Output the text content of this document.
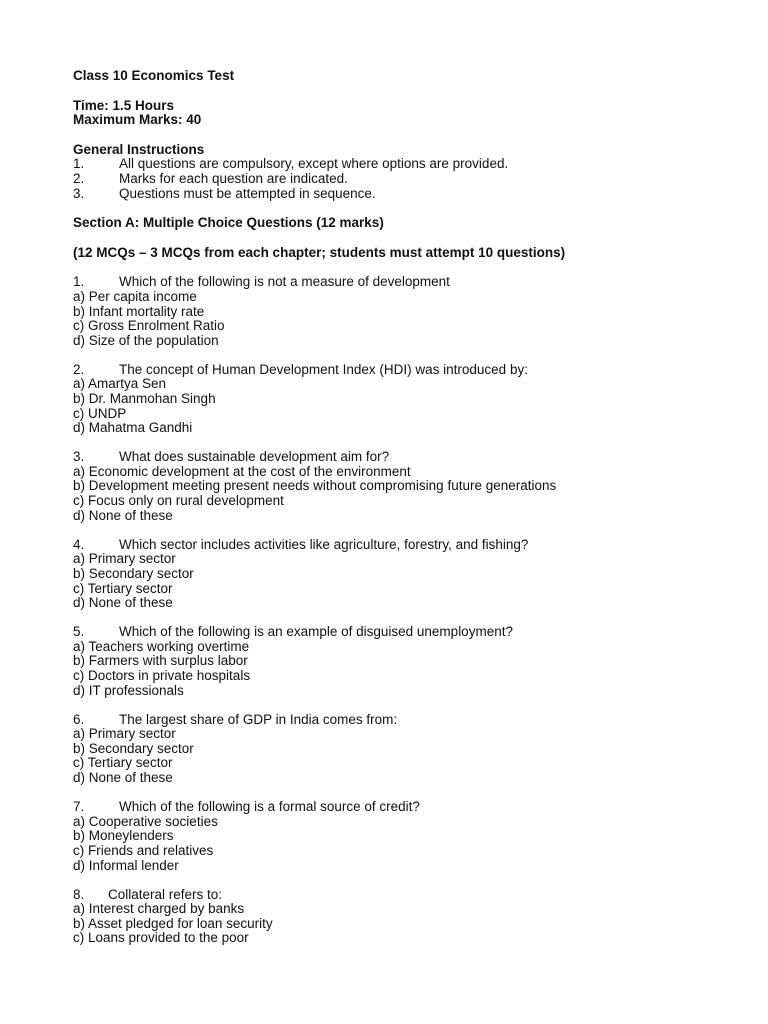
Class 10 Economics Test
Time: 1.5 Hours
Maximum Marks: 40
General Instructions
1.	All questions are compulsory, except where options are provided.
2.	Marks for each question are indicated.
3.	Questions must be attempted in sequence.
Section A: Multiple Choice Questions (12 marks)
(12 MCQs – 3 MCQs from each chapter; students must attempt 10 questions)
1.	Which of the following is not a measure of development
a) Per capita income
b) Infant mortality rate
c) Gross Enrolment Ratio
d) Size of the population
2.	The concept of Human Development Index (HDI) was introduced by:
a) Amartya Sen
b) Dr. Manmohan Singh
c) UNDP
d) Mahatma Gandhi
3.	What does sustainable development aim for?
a) Economic development at the cost of the environment
b) Development meeting present needs without compromising future generations
c) Focus only on rural development
d) None of these
4.	Which sector includes activities like agriculture, forestry, and fishing?
a) Primary sector
b) Secondary sector
c) Tertiary sector
d) None of these
5.	Which of the following is an example of disguised unemployment?
a) Teachers working overtime
b) Farmers with surplus labor
c) Doctors in private hospitals
d) IT professionals
6.	The largest share of GDP in India comes from:
a) Primary sector
b) Secondary sector
c) Tertiary sector
d) None of these
7.	Which of the following is a formal source of credit?
a) Cooperative societies
b) Moneylenders
c) Friends and relatives
d) Informal lender
8.	Collateral refers to:
a) Interest charged by banks
b) Asset pledged for loan security
c) Loans provided to the poor
